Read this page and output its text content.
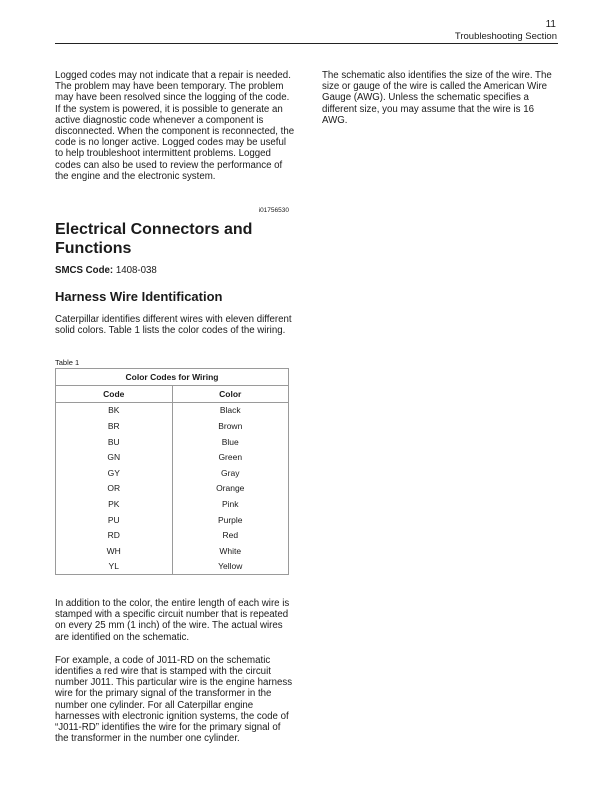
11
Troubleshooting Section

Logged codes may not indicate that a repair is needed. The problem may have been temporary. The problem may have been resolved since the logging of the code. If the system is powered, it is possible to generate an active diagnostic code whenever a component is disconnected. When the component is reconnected, the code is no longer active. Logged codes may be useful to help troubleshoot intermittent problems. Logged codes can also be used to review the performance of the engine and the electronic system.

i01756530
Electrical Connectors and Functions
SMCS Code: 1408-038
Harness Wire Identification
Caterpillar identifies different wires with eleven different solid colors. Table 1 lists the color codes of the wiring.
Table 1
Color Codes for Wiring	
Code	Color
BK	Black
BR	Brown
BU	Blue
GN	Green
GY	Gray
OR	Orange
PK	Pink
PU	Purple
RD	Red
WH	White
YL	Yellow

In addition to the color, the entire length of each wire is stamped with a specific circuit number that is repeated on every 25 mm (1 inch) of the wire. The actual wires are identified on the schematic.

For example, a code of J011-RD on the schematic identifies a red wire that is stamped with the circuit number J011. This particular wire is the engine harness wire for the primary signal of the transformer in the number one cylinder. For all Caterpillar engine harnesses with electronic ignition systems, the code of “J011-RD” identifies the wire for the primary signal of the transformer in the number one cylinder.

The schematic also identifies the size of the wire. The size or gauge of the wire is called the American Wire Gauge (AWG). Unless the schematic specifies a different size, you may assume that the wire is 16 AWG.
